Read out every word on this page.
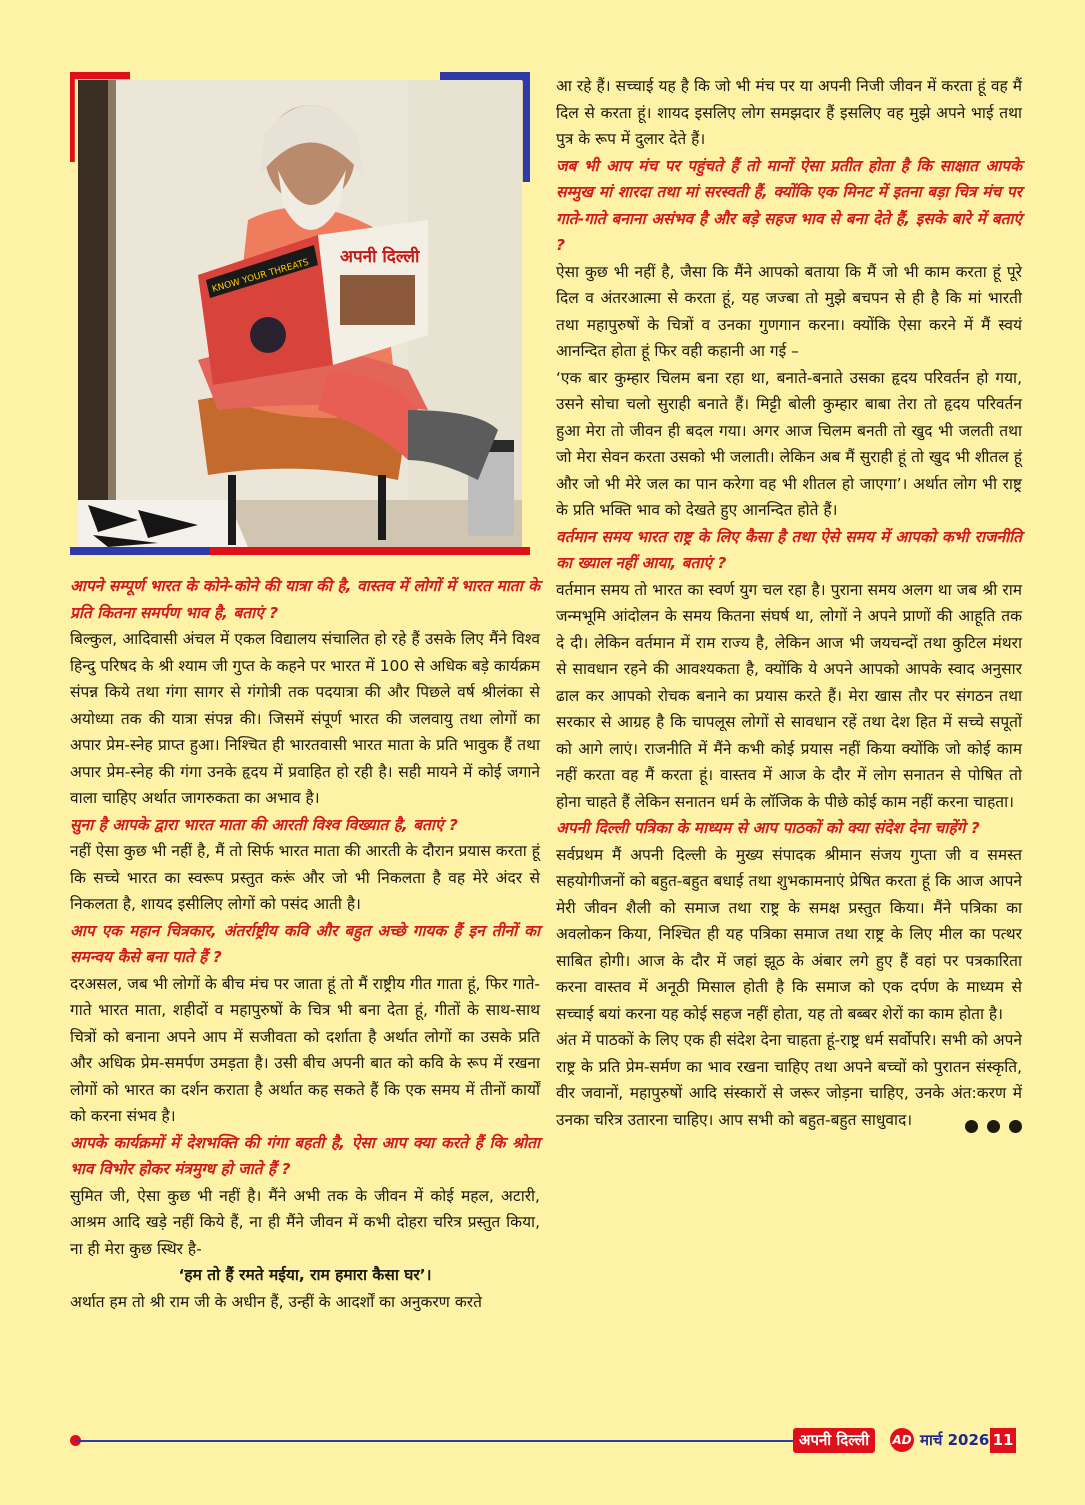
अपनी दिल्ली
KNOW YOUR THREATS

आपने सम्पूर्ण भारत के कोने-कोने की यात्रा की है, वास्तव में लोगों में भारत माता के प्रति कितना समर्पण भाव है, बताएं ?

बिल्कुल, आदिवासी अंचल में एकल विद्यालय संचालित हो रहे हैं उसके लिए मैंने विश्व हिन्दु परिषद के श्री श्याम जी गुप्त के कहने पर भारत में 100 से अधिक बड़े कार्यक्रम संपन्न किये तथा गंगा सागर से गंगोत्री तक पदयात्रा की और पिछले वर्ष श्रीलंका से अयोध्या तक की यात्रा संपन्न की। जिसमें संपूर्ण भारत की जलवायु तथा लोगों का अपार प्रेम-स्नेह प्राप्त हुआ। निश्चित ही भारतवासी भारत माता के प्रति भावुक हैं तथा अपार प्रेम-स्नेह की गंगा उनके हृदय में प्रवाहित हो रही है। सही मायने में कोई जगाने वाला चाहिए अर्थात जागरुकता का अभाव है।

सुना है आपके द्वारा भारत माता की आरती विश्व विख्यात है, बताएं ?

नहीं ऐसा कुछ भी नहीं है, मैं तो सिर्फ भारत माता की आरती के दौरान प्रयास करता हूं कि सच्चे भारत का स्वरूप प्रस्तुत करूं और जो भी निकलता है वह मेरे अंदर से निकलता है, शायद इसीलिए लोगों को पसंद आती है।

आप एक महान चित्रकार, अंतर्राष्ट्रीय कवि और बहुत अच्छे गायक हैं इन तीनों का समन्वय कैसे बना पाते हैं ?

दरअसल, जब भी लोगों के बीच मंच पर जाता हूं तो मैं राष्ट्रीय गीत गाता हूं, फिर गाते-गाते भारत माता, शहीदों व महापुरुषों के चित्र भी बना देता हूं, गीतों के साथ-साथ चित्रों को बनाना अपने आप में सजीवता को दर्शाता है अर्थात लोगों का उसके प्रति और अधिक प्रेम-समर्पण उमड़ता है। उसी बीच अपनी बात को कवि के रूप में रखना लोगों को भारत का दर्शन कराता है अर्थात कह सकते हैं कि एक समय में तीनों कार्यों को करना संभव है।

आपके कार्यक्रमों में देशभक्ति की गंगा बहती है, ऐसा आप क्या करते हैं कि श्रोता भाव विभोर होकर मंत्रमुग्ध हो जाते हैं ?

सुमित जी, ऐसा कुछ भी नहीं है। मैंने अभी तक के जीवन में कोई महल, अटारी, आश्रम आदि खड़े नहीं किये हैं, ना ही मैंने जीवन में कभी दोहरा चरित्र प्रस्तुत किया, ना ही मेरा कुछ स्थिर है-

‘हम तो हैं रमते मईया, राम हमारा कैसा घर’।

अर्थात हम तो श्री राम जी के अधीन हैं, उन्हीं के आदर्शों का अनुकरण करते

आ रहे हैं। सच्चाई यह है कि जो भी मंच पर या अपनी निजी जीवन में करता हूं वह मैं दिल से करता हूं। शायद इसलिए लोग समझदार हैं इसलिए वह मुझे अपने भाई तथा पुत्र के रूप में दुलार देते हैं।

जब भी आप मंच पर पहुंचते हैं तो मानों ऐसा प्रतीत होता है कि साक्षात आपके सम्मुख मां शारदा तथा मां सरस्वती हैं, क्योंकि एक मिनट में इतना बड़ा चित्र मंच पर गाते-गाते बनाना असंभव है और बड़े सहज भाव से बना देते हैं, इसके बारे में बताएं ?

ऐसा कुछ भी नहीं है, जैसा कि मैंने आपको बताया कि मैं जो भी काम करता हूं पूरे दिल व अंतरआत्मा से करता हूं, यह जज्बा तो मुझे बचपन से ही है कि मां भारती तथा महापुरुषों के चित्रों व उनका गुणगान करना। क्योंकि ऐसा करने में मैं स्वयं आनन्दित होता हूं फिर वही कहानी आ गई –

‘एक बार कुम्हार चिलम बना रहा था, बनाते-बनाते उसका हृदय परिवर्तन हो गया, उसने सोचा चलो सुराही बनाते हैं। मिट्टी बोली कुम्हार बाबा तेरा तो हृदय परिवर्तन हुआ मेरा तो जीवन ही बदल गया। अगर आज चिलम बनती तो खुद भी जलती तथा जो मेरा सेवन करता उसको भी जलाती। लेकिन अब मैं सुराही हूं तो खुद भी शीतल हूं और जो भी मेरे जल का पान करेगा वह भी शीतल हो जाएगा’। अर्थात लोग भी राष्ट्र के प्रति भक्ति भाव को देखते हुए आनन्दित होते हैं।

वर्तमान समय भारत राष्ट्र के लिए कैसा है तथा ऐसे समय में आपको कभी राजनीति का ख्याल नहीं आया, बताएं ?

वर्तमान समय तो भारत का स्वर्ण युग चल रहा है। पुराना समय अलग था जब श्री राम जन्मभूमि आंदोलन के समय कितना संघर्ष था, लोगों ने अपने प्राणों की आहूति तक दे दी। लेकिन वर्तमान में राम राज्य है, लेकिन आज भी जयचन्दों तथा कुटिल मंथरा से सावधान रहने की आवश्यकता है, क्योंकि ये अपने आपको आपके स्वाद अनुसार ढाल कर आपको रोचक बनाने का प्रयास करते हैं। मेरा खास तौर पर संगठन तथा सरकार से आग्रह है कि चापलूस लोगों से सावधान रहें तथा देश हित में सच्चे सपूतों को आगे लाएं। राजनीति में मैंने कभी कोई प्रयास नहीं किया क्योंकि जो कोई काम नहीं करता वह मैं करता हूं। वास्तव में आज के दौर में लोग सनातन से पोषित तो होना चाहते हैं लेकिन सनातन धर्म के लॉजिक के पीछे कोई काम नहीं करना चाहता।

अपनी दिल्ली पत्रिका के माध्यम से आप पाठकों को क्या संदेश देना चाहेंगे ?

सर्वप्रथम मैं अपनी दिल्ली के मुख्य संपादक श्रीमान संजय गुप्ता जी व समस्त सहयोगीजनों को बहुत-बहुत बधाई तथा शुभकामनाएं प्रेषित करता हूं कि आज आपने मेरी जीवन शैली को समाज तथा राष्ट्र के समक्ष प्रस्तुत किया। मैंने पत्रिका का अवलोकन किया, निश्चित ही यह पत्रिका समाज तथा राष्ट्र के लिए मील का पत्थर साबित होगी। आज के दौर में जहां झूठ के अंबार लगे हुए हैं वहां पर पत्रकारिता करना वास्तव में अनूठी मिसाल होती है कि समाज को एक दर्पण के माध्यम से सच्चाई बयां करना यह कोई सहज नहीं होता, यह तो बब्बर शेरों का काम होता है।

अंत में पाठकों के लिए एक ही संदेश देना चाहता हूं-राष्ट्र धर्म सर्वोपरि। सभी को अपने राष्ट्र के प्रति प्रेम-सर्मण का भाव रखना चाहिए तथा अपने बच्चों को पुरातन संस्कृति, वीर जवानों, महापुरुषों आदि संस्कारों से जरूर जोड़ना चाहिए, उनके अंत:करण में उनका चरित्र उतारना चाहिए। आप सभी को बहुत-बहुत साधुवाद।

अपनी दिल्ली	AD मार्च 2026 11
